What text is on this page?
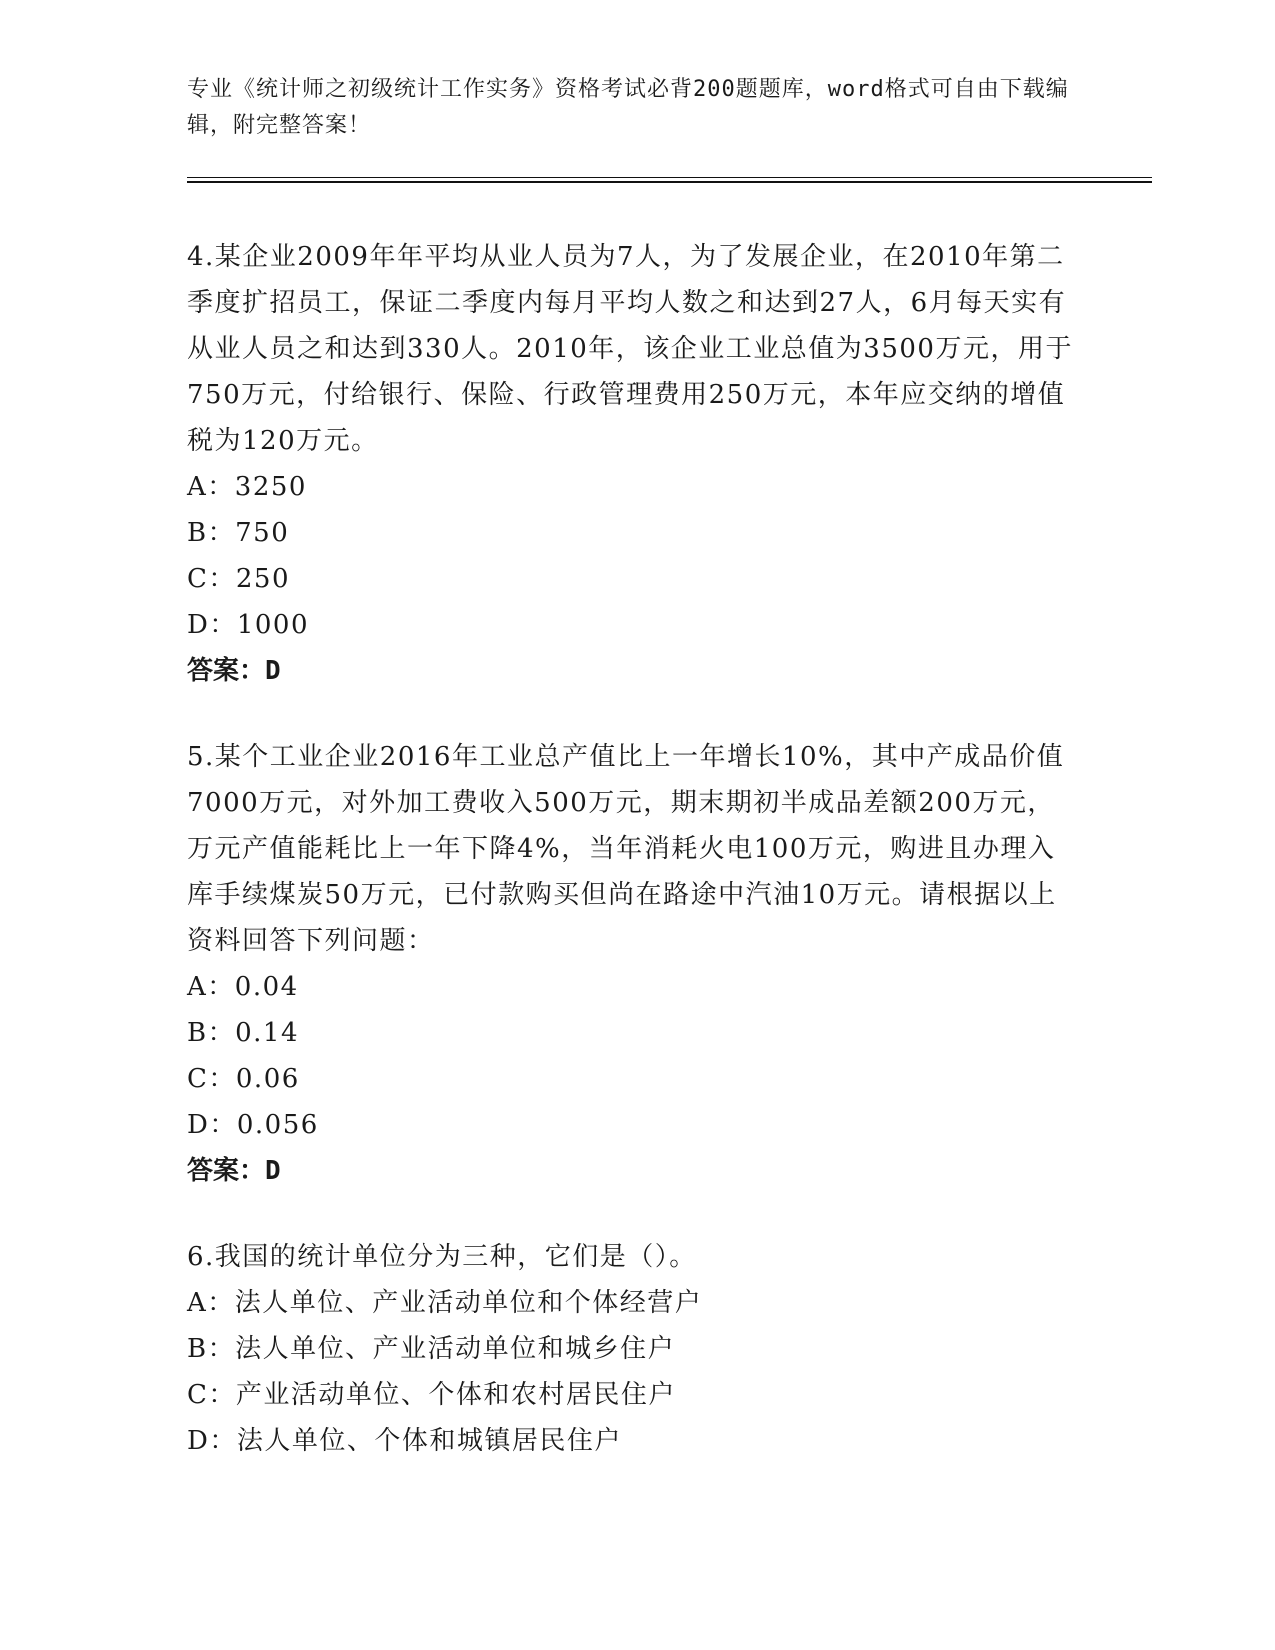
专业《统计师之初级统计工作实务》资格考试必背200题题库，word格式可自由下载编辑，附完整答案！

4.某企业2009年年平均从业人员为7人，为了发展企业，在2010年第二季度扩招员工，保证二季度内每月平均人数之和达到27人，6月每天实有从业人员之和达到330人。2010年，该企业工业总值为3500万元，用于750万元，付给银行、保险、行政管理费用250万元，本年应交纳的增值税为120万元。

A：3250

B：750

C：250

D：1000

答案：D

5.某个工业企业2016年工业总产值比上一年增长10%，其中产成品价值7000万元，对外加工费收入500万元，期末期初半成品差额200万元，万元产值能耗比上一年下降4%，当年消耗火电100万元，购进且办理入库手续煤炭50万元，已付款购买但尚在路途中汽油10万元。请根据以上资料回答下列问题：

A：0.04

B：0.14

C：0.06

D：0.056

答案：D

6.我国的统计单位分为三种，它们是（）。

A：法人单位、产业活动单位和个体经营户

B：法人单位、产业活动单位和城乡住户

C：产业活动单位、个体和农村居民住户

D：法人单位、个体和城镇居民住户
